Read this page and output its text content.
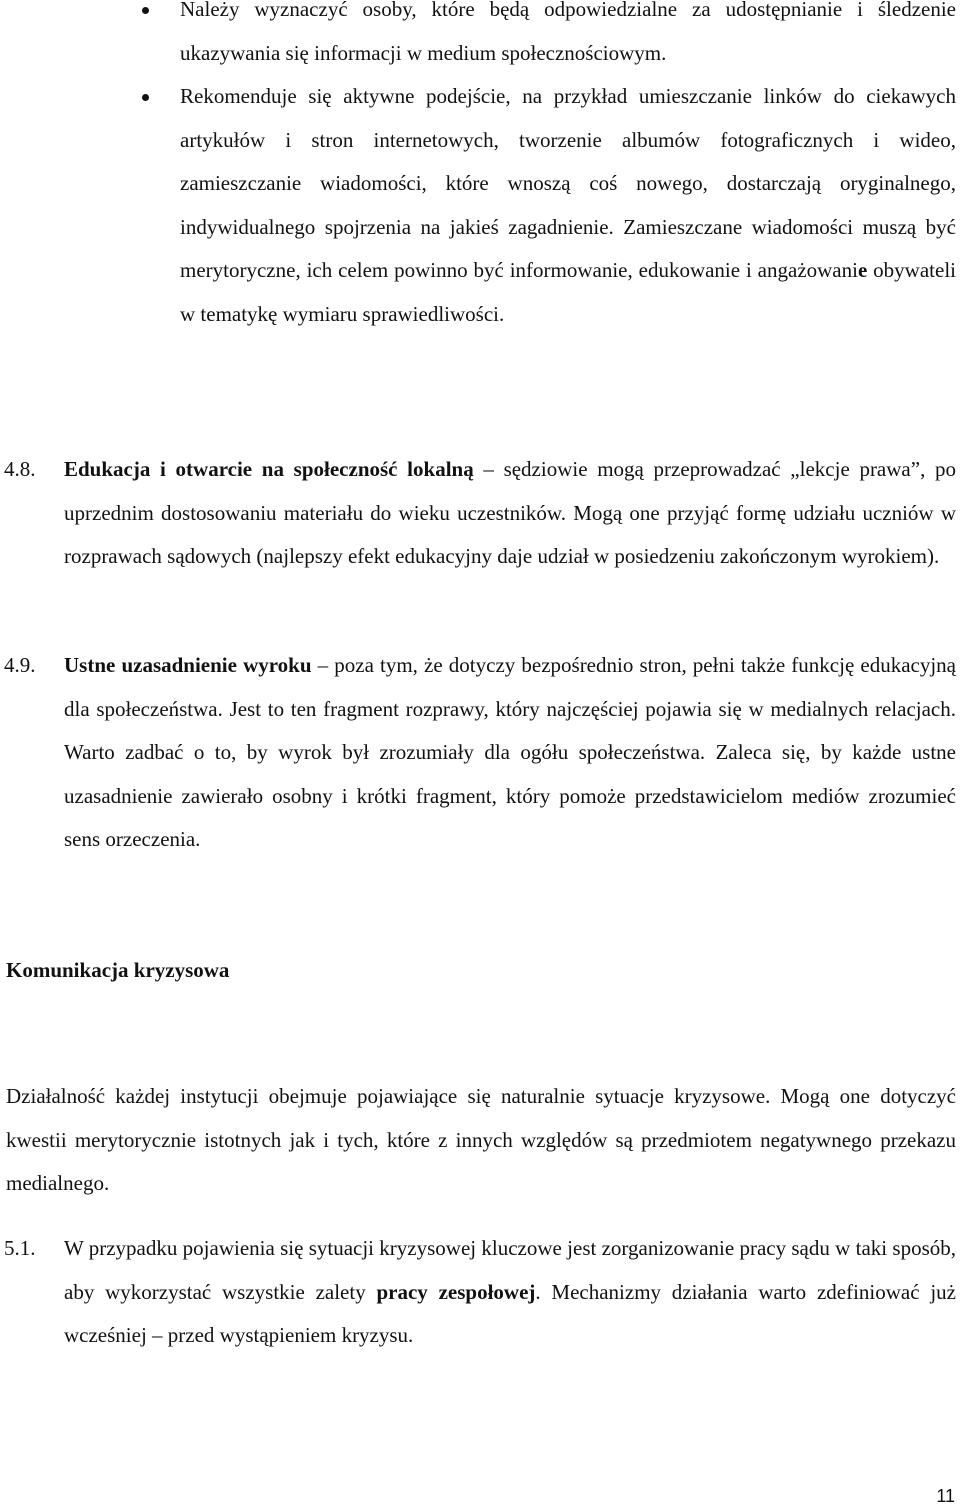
Należy wyznaczyć osoby, które będą odpowiedzialne za udostępnianie i śledzenie ukazywania się informacji w medium społecznościowym.
Rekomenduje się aktywne podejście, na przykład umieszczanie linków do ciekawych artykułów i stron internetowych, tworzenie albumów fotograficznych i wideo, zamieszczanie wiadomości, które wnoszą coś nowego, dostarczają oryginalnego, indywidualnego spojrzenia na jakieś zagadnienie. Zamieszczane wiadomości muszą być merytoryczne, ich celem powinno być informowanie, edukowanie i angażowanie obywateli w tematykę wymiaru sprawiedliwości.
4.8. Edukacja i otwarcie na społeczność lokalną – sędziowie mogą przeprowadzać „lekcje prawa”, po uprzednim dostosowaniu materiału do wieku uczestników. Mogą one przyjąć formę udziału uczniów w rozprawach sądowych (najlepszy efekt edukacyjny daje udział w posiedzeniu zakończonym wyrokiem).
4.9. Ustne uzasadnienie wyroku – poza tym, że dotyczy bezpośrednio stron, pełni także funkcję edukacyjną dla społeczeństwa. Jest to ten fragment rozprawy, który najczęściej pojawia się w medialnych relacjach. Warto zadbać o to, by wyrok był zrozumiały dla ogółu społeczeństwa. Zaleca się, by każde ustne uzasadnienie zawierało osobny i krótki fragment, który pomoże przedstawicielom mediów zrozumieć sens orzeczenia.
Komunikacja kryzysowa
Działalność każdej instytucji obejmuje pojawiające się naturalnie sytuacje kryzysowe. Mogą one dotyczyć kwestii merytorycznie istotnych jak i tych, które z innych względów są przedmiotem negatywnego przekazu medialnego.
5.1. W przypadku pojawienia się sytuacji kryzysowej kluczowe jest zorganizowanie pracy sądu w taki sposób, aby wykorzystać wszystkie zalety pracy zespołowej. Mechanizmy działania warto zdefiniować już wcześniej – przed wystąpieniem kryzysu.
11
